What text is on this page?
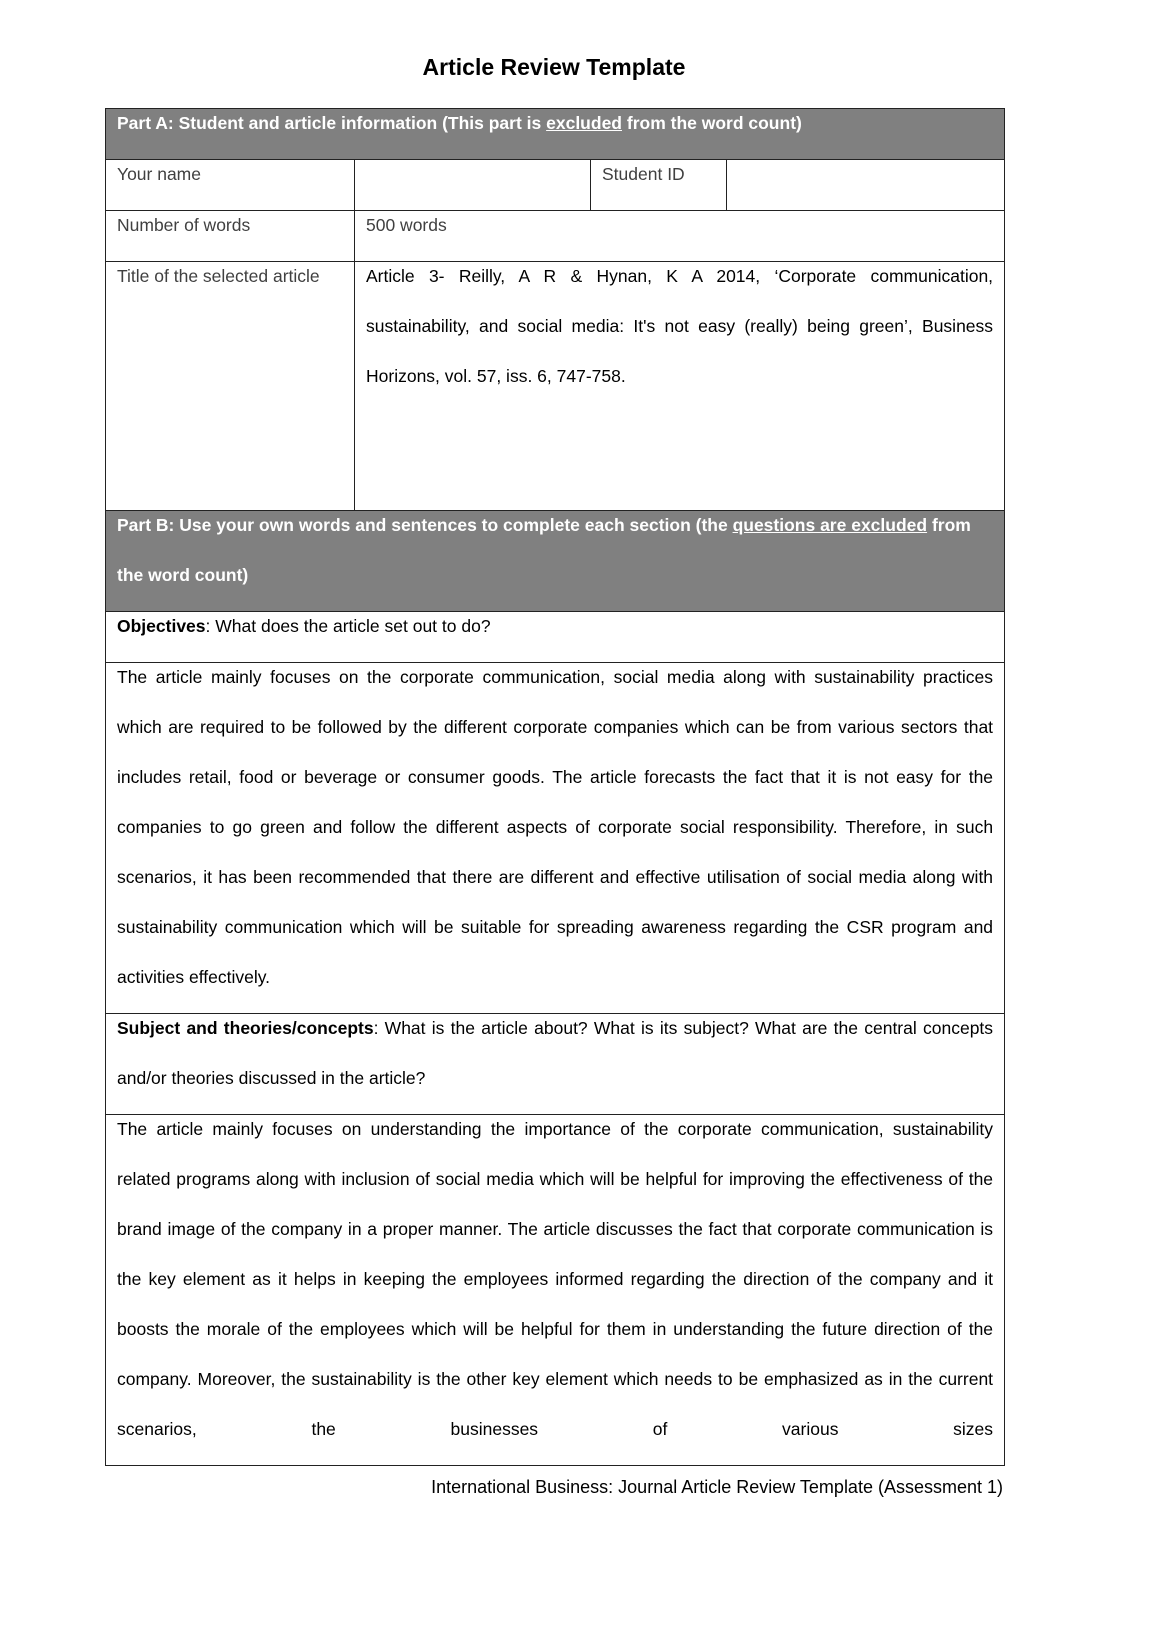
Article Review Template
Part A: Student and article information (This part is excluded from the word count)			

Your name		Student ID	

Number of words	500 words		

Title of the selected article	Article 3- Reilly, A R & Hynan, K A 2014, ‘Corporate communication, sustainability, and social media: It's not easy (really) being green’, Business Horizons, vol. 57, iss. 6, 747-758.		

Part B: Use your own words and sentences to complete each section (the questions are excluded from the word count)			

Objectives: What does the article set out to do?			

The article mainly focuses on the corporate communication, social media along with sustainability practices which are required to be followed by the different corporate companies which can be from various sectors that includes retail, food or beverage or consumer goods. The article forecasts the fact that it is not easy for the companies to go green and follow the different aspects of corporate social responsibility. Therefore, in such scenarios, it has been recommended that there are different and effective utilisation of social media along with sustainability communication which will be suitable for spreading awareness regarding the CSR program and activities effectively.			

Subject and theories/concepts: What is the article about? What is its subject? What are the central concepts and/or theories discussed in the article?			

The article mainly focuses on understanding the importance of the corporate communication, sustainability related programs along with inclusion of social media which will be helpful for improving the effectiveness of the brand image of the company in a proper manner. The article discusses the fact that corporate communication is the key element as it helps in keeping the employees informed regarding the direction of the company and it boosts the morale of the employees which will be helpful for them in understanding the future direction of the company. Moreover, the sustainability is the other key element which needs to be emphasized as in the current scenarios, the businesses of various sizes			
International Business: Journal Article Review Template (Assessment 1)
